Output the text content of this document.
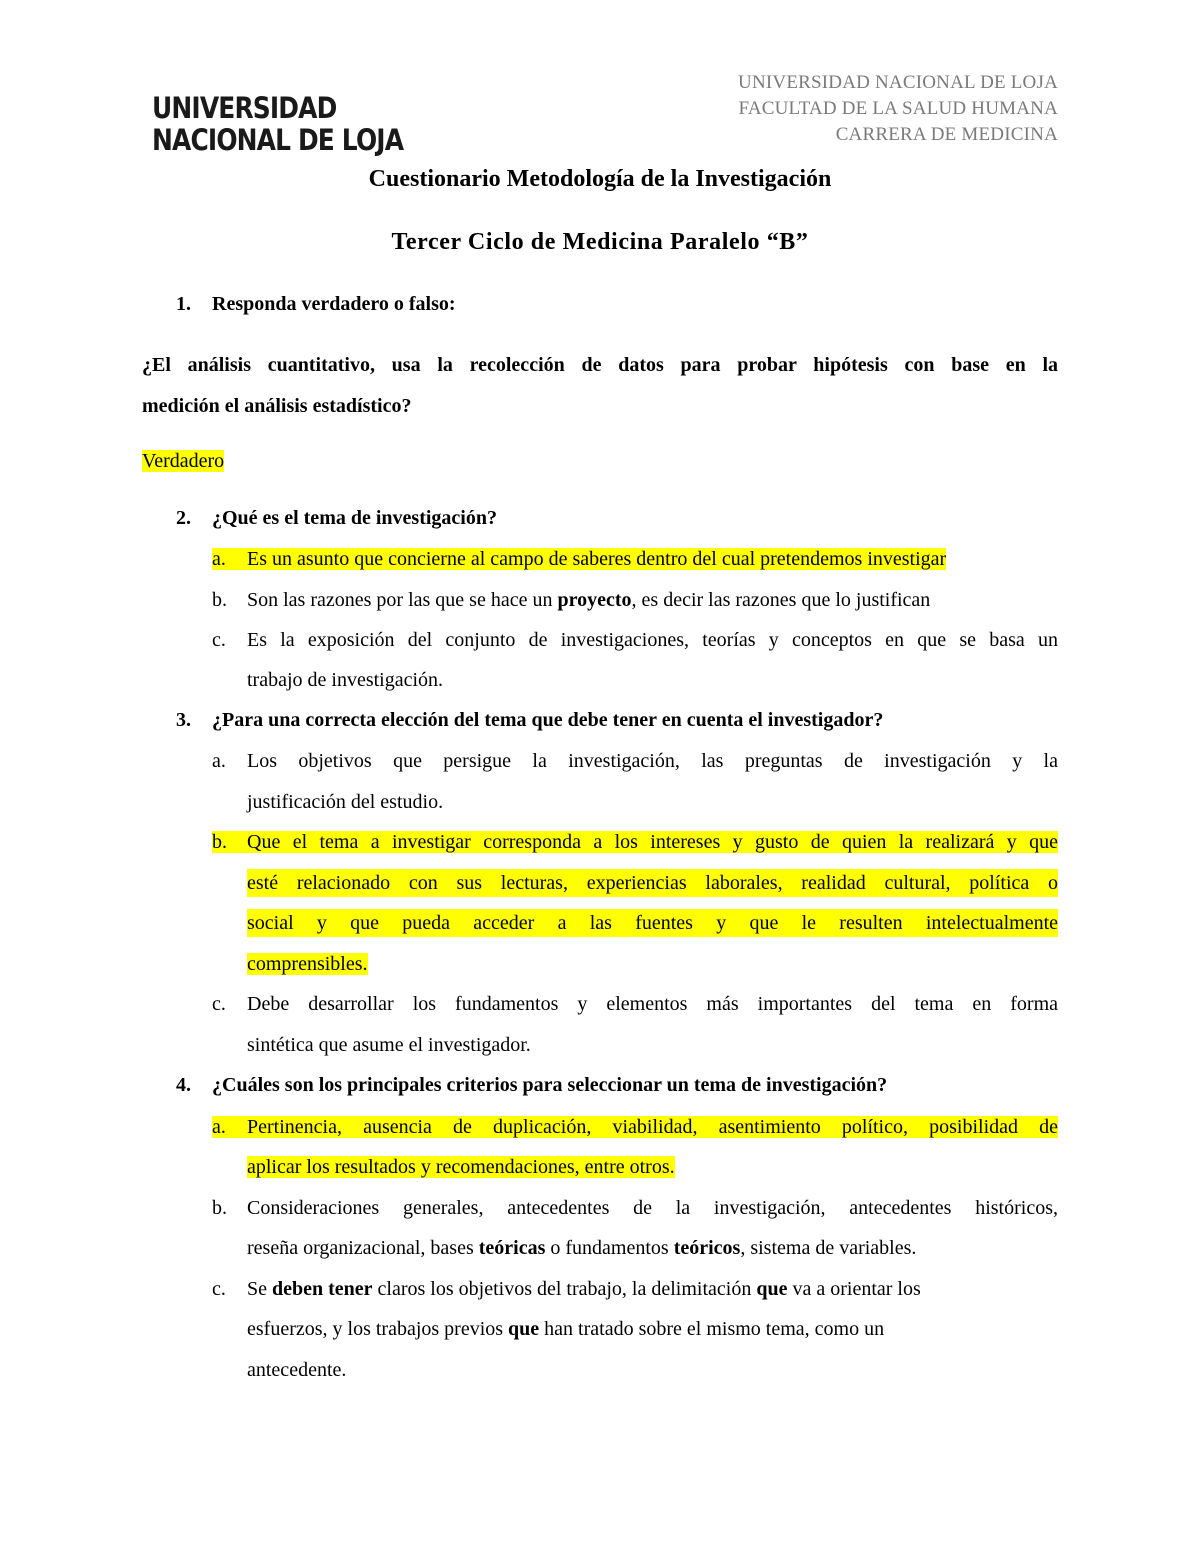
UNIVERSIDAD
NACIONAL DE LOJA
UNIVERSIDAD NACIONAL DE LOJA
FACULTAD DE LA SALUD HUMANA
CARRERA DE MEDICINA
Cuestionario Metodología de la Investigación
Tercer Ciclo de Medicina Paralelo “B”
1. Responda verdadero o falso:
¿El análisis cuantitativo, usa la recolección de datos para probar hipótesis con base en la
medición el análisis estadístico?
Verdadero
2. ¿Qué es el tema de investigación?
a. Es un asunto que concierne al campo de saberes dentro del cual pretendemos investigar
b. Son las razones por las que se hace un proyecto, es decir las razones que lo justifican
c. Es la exposición del conjunto de investigaciones, teorías y conceptos en que se basa un
trabajo de investigación.
3. ¿Para una correcta elección del tema que debe tener en cuenta el investigador?
a. Los objetivos que persigue la investigación, las preguntas de investigación y la
justificación del estudio.
b. Que el tema a investigar corresponda a los intereses y gusto de quien la realizará y que
esté relacionado con sus lecturas, experiencias laborales, realidad cultural, política o
social y que pueda acceder a las fuentes y que le resulten intelectualmente
comprensibles.
c. Debe desarrollar los fundamentos y elementos más importantes del tema en forma
sintética que asume el investigador.
4. ¿Cuáles son los principales criterios para seleccionar un tema de investigación?
a. Pertinencia, ausencia de duplicación, viabilidad, asentimiento político, posibilidad de
aplicar los resultados y recomendaciones, entre otros.
b. Consideraciones generales, antecedentes de la investigación, antecedentes históricos,
reseña organizacional, bases teóricas o fundamentos teóricos, sistema de variables.
c. Se deben tener claros los objetivos del trabajo, la delimitación que va a orientar los
esfuerzos, y los trabajos previos que han tratado sobre el mismo tema, como un
antecedente.
